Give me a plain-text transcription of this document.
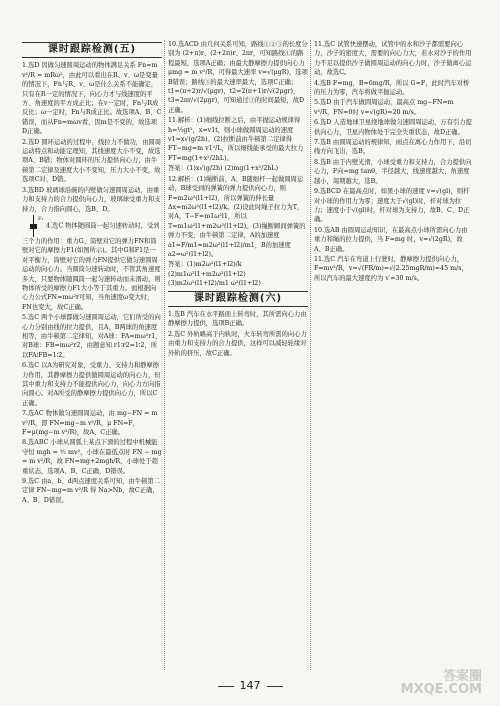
课时跟踪检测(五)

1.选D 因做匀速圆周运动的物体满足关系 Fn=m v²/R = mRω²，由此可以看出在R、v、ω是变量的情况下，Fn与R、v、ω是什么关系不能确定，只有在R一定的情况下，向心力才与线速度的平方、角速度的平方成正比；在v一定时，Fn与R成反比；ω一定时，Fn与R成正比。故选项A、B、C错误，而从Fn=mωv看，因m是不变的，故选项D正确。

2.选D 圆环运动的过程中，线拉力不做功，由圆周运动特点和动能定理知，其线速度大小不变，故选项A、B错；物体对圆环的压力提供向心力，由牛顿第二定律及速度大小不变知，压力大小不变，故选项C对、D错。

3.选BD 玻璃球沿碗的内壁做匀速圆周运动，由重力和支持力的合力提供向心力，玻璃球受重力和支持力，合力指向圆心，选B、D。

F₁
4.选C 物体随圆筒一起匀速转动时，受到三个力的作用：重力G、筒壁对它的弹力FN和筒壁对它的摩擦力F1(如图所示)。其中G和F1是一对平衡力，筒壁对它的弹力FN提供它做匀速圆周运动的向心力。当圆筒匀速转动时，不管其角速度多大，只要物体随圆筒一起匀速转动而未滑动，则物体所受的摩擦力F1大小等于其重力。而根据向心力公式FN=mω²r可知，当角速度ω变大时，FN也变大，故C正确。

5.选C 两个小球都做匀速圆周运动，它们所受的向心力分别由线的拉力提供，且A、B两球的角速度相等，由牛顿第二定律知，对A球：FA=mω²r1，对B球：FB=mω²r2，由题意知 r1∶r2=1∶2，所以FA∶FB=1∶2。

6.选C 以A为研究对象，受重力、支持力和静摩擦力作用，其静摩擦力提供做圆周运动的向心力，但其中重力和支持力不能提供向心力，向心力方向指向圆心。对A所受的静摩擦力提供向心力，所以C正确。

7.选AC 物体做匀速圆周运动，由 mg−FN = m v²/R，即 FN=mg−m v²/R，μ FN=F，F=μ(mg−m v²/R)，故A、C正确。

8.选ABC 小球从圆弧上某点下滑的过程中机械能守恒 mgh = ½ mv²，小球在最低点时 FN − mg = m v²/R，故 FN=mg+2mgh/R，小球处于超重状态，选项A、B、C正确，D错误。

9.选C 由a、b、d两点速度关系可知，由牛顿第二定律 FN−mg=m v²/R 得 Na>Nb，故C正确，A、B、D错误。

10.选ACD 由几何关系可知，路线①②③的长度分别为 (2+π)r、(2+2π)r、2πr，可知路线①的路程最短，选项A正确；由最大静摩擦力提供向心力 μmg = m v²/R，可得最大速率 v=√(μgR)，选项B错误；路线③的最大速率最大，选项C正确；t1=(π+2)r/√(μgr)，t2=2(π+1)r/√(2μgr)，t3=2πr/√(2μgr)，可知通过③的时间最短，故D正确。

11.解析：(1)细线拉断之后，由平抛运动规律得 h=½gt²，x=v1t，则小球做圆周运动的速度 v1=x√(g/2h)。(2)拉断前由牛顿第二定律得 FT−mg=m v1²/L，所以细线能承受的最大拉力 FT=mg(1+x²/2hL)。

答案：(1)x√(g/2h) (2)mg(1+x²/2hL)

12.解析：(1)绳断前，A、B随细杆一起做圆周运动，B球受到的弹簧的弹力提供向心力，则 F=m2ω²(l1+l2)，所以弹簧的伸长量 Δx=m2ω²(l1+l2)/k。(2)设此时绳子拉力为T，对A，T−F=m1ω²l1，所以 T=m1ω²l1+m2ω²(l1+l2)。(3)绳断瞬间弹簧的弹力不变，由牛顿第二定律，A的加速度 a1=F/m1=m2ω²(l1+l2)/m1，B的加速度 a2=ω²(l1+l2)。

答案：(1)m2ω²(l1+l2)/k (2)m1ω²l1+m2ω²(l1+l2) (3)m2ω²(l1+l2)/m1 ω²(l1+l2)

课时跟踪检测(六)

1.选B 汽车在水平路面上转弯时，其所需向心力由静摩擦力提供，选项B正确。

2.选C 外轨略高于内轨时，火车转弯所需的向心力由重力和支持力的合力提供，这样可以减轻轮缘对外轨的挤压，故C正确。

11.选C 试管快速摆动，试管中的水和沙子都需要向心力，沙子的密度大，需要的向心力大，若水对沙子的作用力不足以提供沙子做圆周运动的向心力时，沙子做离心运动，故选C。

4.选B F=mg，B=6mg/R，所以 G=F，此时汽车对桥的压力为零，汽车将做平抛运动。

5.选D 由于汽车做圆周运动，最高点 mg−FN=m v²/R，FN=0时 v=√(gR)=20 m/s。

6.选D 人造地球卫星绕地球做匀速圆周运动，万有引力提供向心力，卫星内物体处于完全失重状态，故D正确。

7.选B 由圆周运动的规律知，雨点在离心力作用下，沿切线方向飞出，选B。

8.选B 由于内壁光滑，小球受重力和支持力，合力提供向心力，F向=mg tanθ，半径越大，线速度越大，角速度越小，周期越大，选B。

9.选BCD 在最高点时，如果小球的速度 v=√(gl)，则杆对小球的作用力为零；速度大于√(gl)时，杆对球为拉力；速度小于√(gl)时，杆对球为支持力，故B、C、D正确。

10.选AB 由圆周运动知识，在最高点小球所需向心力由重力和绳的拉力提供，当 F=mg 时，v=√(2gR)，故A、B正确。

11.选C 汽车在弯道上行驶时，静摩擦力提供向心力，F=mv²/R，v=√(FR/m)=√(2.25mgR/m)≈45 m/s，所以汽车的最大速度约为 v′=30 m/s。

147
答案圈
MXQE.COM
